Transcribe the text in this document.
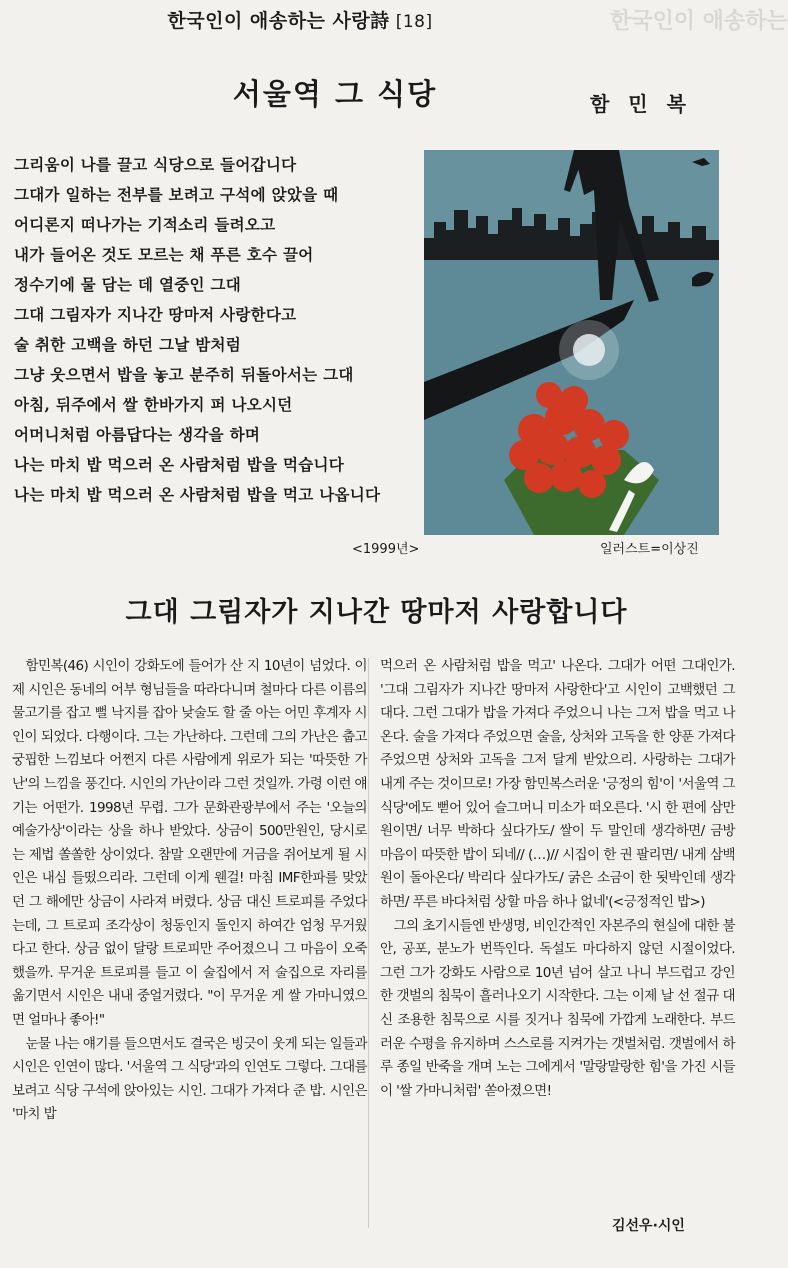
한국인이 애송하는 사랑詩 [18]	한국인이 애송하는
서울역 그 식당	함 민 복
그리움이 나를 끌고 식당으로 들어갑니다
그대가 일하는 전부를 보려고 구석에 앉았을 때
어디론지 떠나가는 기적소리 들려오고
내가 들어온 것도 모르는 채 푸른 호수 끌어
정수기에 물 담는 데 열중인 그대
그대 그림자가 지나간 땅마저 사랑한다고
술 취한 고백을 하던 그날 밤처럼
그냥 웃으면서 밥을 놓고 분주히 뒤돌아서는 그대
아침, 뒤주에서 쌀 한바가지 퍼 나오시던
어머니처럼 아름답다는 생각을 하며
나는 마치 밥 먹으러 온 사람처럼 밥을 먹습니다
나는 마치 밥 먹으러 온 사람처럼 밥을 먹고 나옵니다
<1999년>	일러스트=이상진
그대 그림자가 지나간 땅마저 사랑합니다

함민복(46) 시인이 강화도에 들어가 산 지 10년이 넘었다. 이제 시인은 동네의 어부 형님들을 따라다니며 철마다 다른 이름의 물고기를 잡고 뻘 낙지를 잡아 낮술도 할 줄 아는 어민 후계자 시인이 되었다. 다행이다. 그는 가난하다. 그런데 그의 가난은 춥고 궁핍한 느낌보다 어쩐지 다른 사람에게 위로가 되는 '따뜻한 가난'의 느낌을 풍긴다. 시인의 가난이라 그런 것일까. 가령 이런 얘기는 어떤가. 1998년 무렵. 그가 문화관광부에서 주는 '오늘의 예술가상'이라는 상을 하나 받았다. 상금이 500만원인, 당시로는 제법 쏠쏠한 상이었다. 참말 오랜만에 거금을 쥐어보게 될 시인은 내심 들떴으리라. 그런데 이게 웬걸! 마침 IMF한파를 맞았던 그 해에만 상금이 사라져 버렸다. 상금 대신 트로피를 주었다는데, 그 트로피 조각상이 청동인지 돌인지 하여간 엄청 무거웠다고 한다. 상금 없이 달랑 트로피만 주어졌으니 그 마음이 오죽했을까. 무거운 트로피를 들고 이 술집에서 저 술집으로 자리를 옮기면서 시인은 내내 중얼거렸다. "이 무거운 게 쌀 가마니였으면 얼마나 좋아!"

눈물 나는 얘기를 들으면서도 결국은 빙긋이 웃게 되는 일들과 시인은 인연이 많다. '서울역 그 식당'과의 인연도 그렇다. 그대를 보려고 식당 구석에 앉아있는 시인. 그대가 가져다 준 밥. 시인은 '마치 밥

먹으러 온 사람처럼 밥을 먹고' 나온다. 그대가 어떤 그대인가. '그대 그림자가 지나간 땅마저 사랑한다'고 시인이 고백했던 그대다. 그런 그대가 밥을 가져다 주었으니 나는 그저 밥을 먹고 나온다. 술을 가져다 주었으면 술을, 상처와 고독을 한 양푼 가져다 주었으면 상처와 고독을 그저 달게 받았으리. 사랑하는 그대가 내게 주는 것이므로! 가장 함민복스러운 '긍정의 힘'이 '서울역 그 식당'에도 뻗어 있어 슬그머니 미소가 떠오른다. '시 한 편에 삼만 원이면/ 너무 박하다 싶다가도/ 쌀이 두 말인데 생각하면/ 금방 마음이 따뜻한 밥이 되네// (…)// 시집이 한 권 팔리면/ 내게 삼백 원이 돌아온다/ 박리다 싶다가도/ 굵은 소금이 한 됫박인데 생각하면/ 푸른 바다처럼 상할 마음 하나 없네'(<긍정적인 밥>)

그의 초기시들엔 반생명, 비인간적인 자본주의 현실에 대한 불안, 공포, 분노가 번뜩인다. 독설도 마다하지 않던 시절이었다. 그런 그가 강화도 사람으로 10년 넘어 살고 나니 부드럽고 강인한 갯벌의 침묵이 흘러나오기 시작한다. 그는 이제 날 선 절규 대신 조용한 침묵으로 시를 짓거나 침묵에 가깝게 노래한다. 부드러운 수평을 유지하며 스스로를 지켜가는 갯벌처럼. 갯벌에서 하루 종일 반죽을 개며 노는 그에게서 '말랑말랑한 힘'을 가진 시들이 '쌀 가마니처럼' 쏟아졌으면!

김선우·시인
